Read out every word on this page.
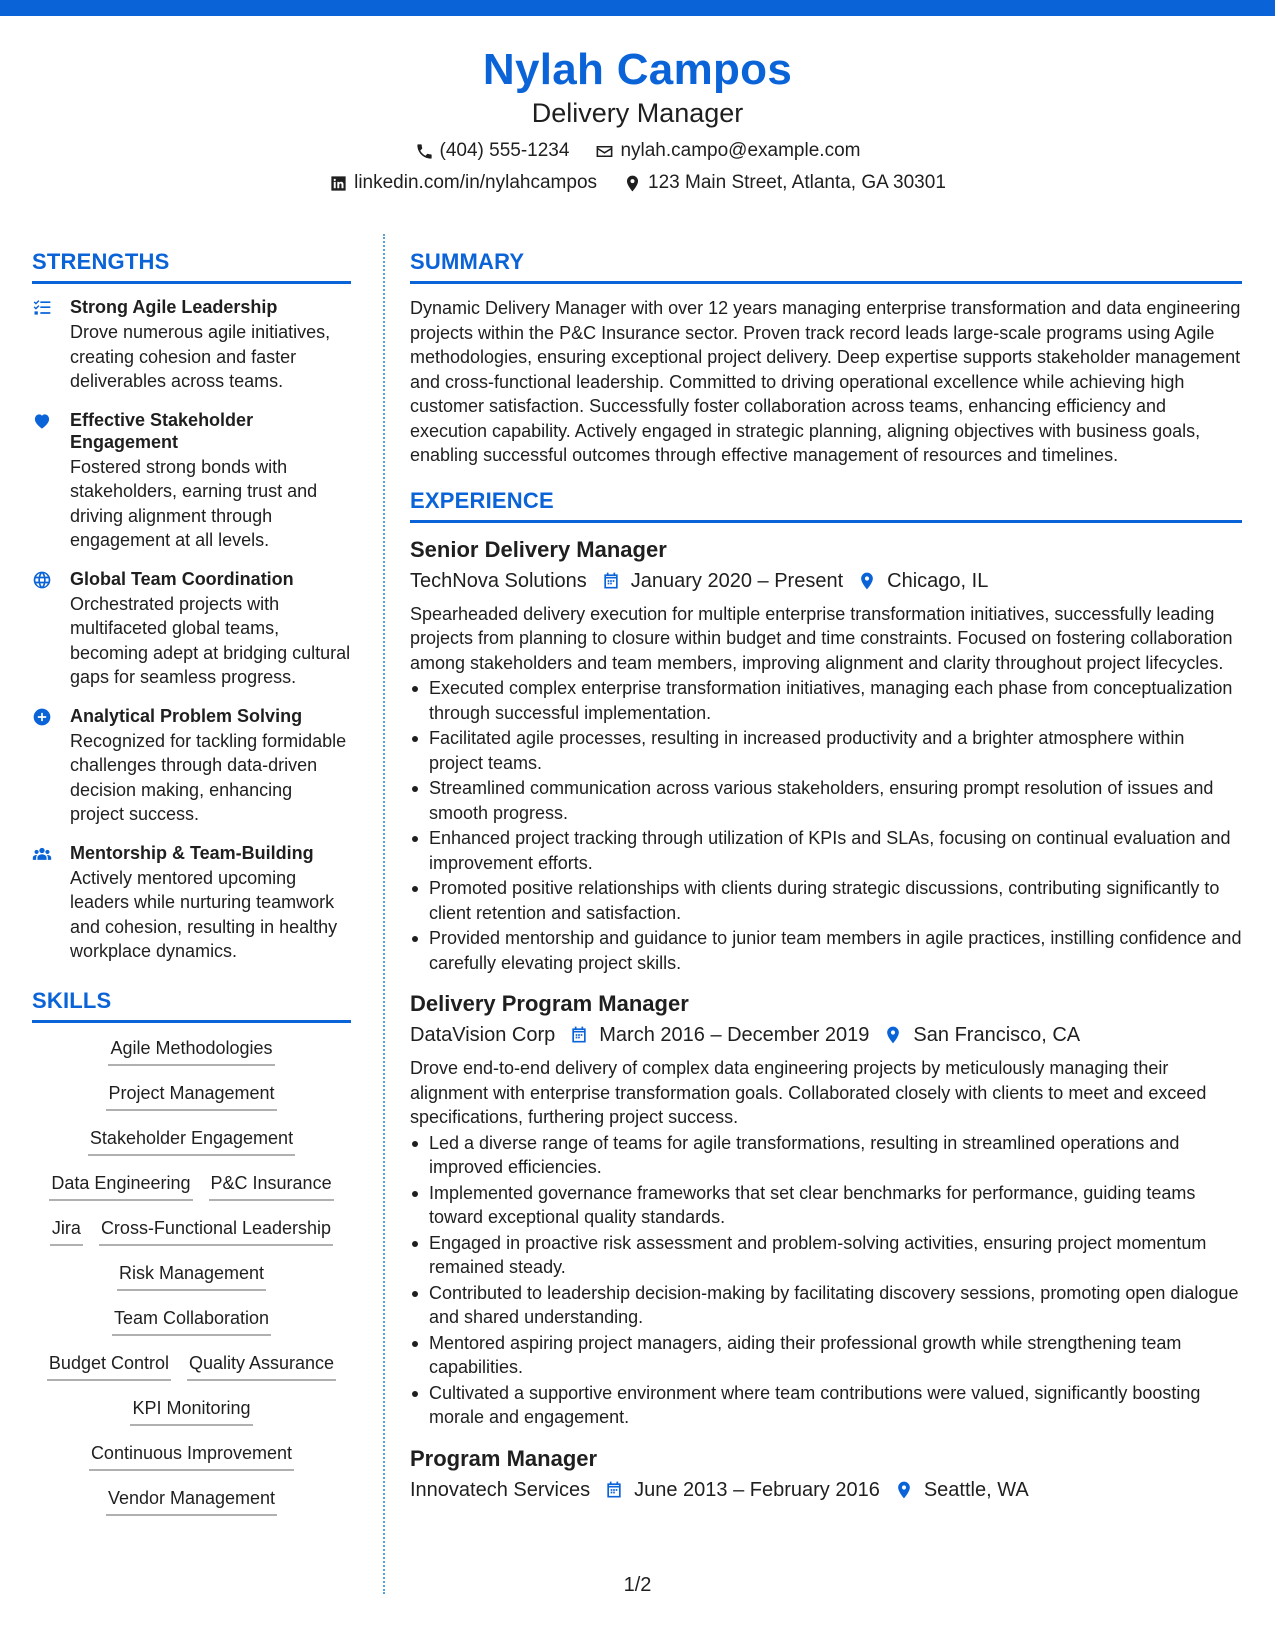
Nylah Campos
Delivery Manager
(404) 555-1234	nylah.campo@example.com
linkedin.com/in/nylahcampos	123 Main Street, Atlanta, GA 30301
STRENGTHS
Strong Agile Leadership
Drove numerous agile initiatives, creating cohesion and faster deliverables across teams.
Effective Stakeholder Engagement
Fostered strong bonds with stakeholders, earning trust and driving alignment through engagement at all levels.
Global Team Coordination
Orchestrated projects with multifaceted global teams, becoming adept at bridging cultural gaps for seamless progress.
Analytical Problem Solving
Recognized for tackling formidable challenges through data-driven decision making, enhancing project success.
Mentorship & Team-Building
Actively mentored upcoming leaders while nurturing teamwork and cohesion, resulting in healthy workplace dynamics.
SKILLS
Agile Methodologies
Project Management
Stakeholder Engagement
Data Engineering P&C Insurance
Jira Cross-Functional Leadership
Risk Management
Team Collaboration
Budget Control Quality Assurance
KPI Monitoring
Continuous Improvement
Vendor Management
SUMMARY
Dynamic Delivery Manager with over 12 years managing enterprise transformation and data engineering projects within the P&C Insurance sector. Proven track record leads large-scale programs using Agile methodologies, ensuring exceptional project delivery. Deep expertise supports stakeholder management and cross-functional leadership. Committed to driving operational excellence while achieving high customer satisfaction. Successfully foster collaboration across teams, enhancing efficiency and execution capability. Actively engaged in strategic planning, aligning objectives with business goals, enabling successful outcomes through effective management of resources and timelines.
EXPERIENCE
Senior Delivery Manager
TechNova Solutions January 2020 – Present Chicago, IL
Spearheaded delivery execution for multiple enterprise transformation initiatives, successfully leading projects from planning to closure within budget and time constraints. Focused on fostering collaboration among stakeholders and team members, improving alignment and clarity throughout project lifecycles.
Executed complex enterprise transformation initiatives, managing each phase from conceptualization through successful implementation.
Facilitated agile processes, resulting in increased productivity and a brighter atmosphere within project teams.
Streamlined communication across various stakeholders, ensuring prompt resolution of issues and smooth progress.
Enhanced project tracking through utilization of KPIs and SLAs, focusing on continual evaluation and improvement efforts.
Promoted positive relationships with clients during strategic discussions, contributing significantly to client retention and satisfaction.
Provided mentorship and guidance to junior team members in agile practices, instilling confidence and carefully elevating project skills.
Delivery Program Manager
DataVision Corp March 2016 – December 2019 San Francisco, CA
Drove end-to-end delivery of complex data engineering projects by meticulously managing their alignment with enterprise transformation goals. Collaborated closely with clients to meet and exceed specifications, furthering project success.
Led a diverse range of teams for agile transformations, resulting in streamlined operations and improved efficiencies.
Implemented governance frameworks that set clear benchmarks for performance, guiding teams toward exceptional quality standards.
Engaged in proactive risk assessment and problem-solving activities, ensuring project momentum remained steady.
Contributed to leadership decision-making by facilitating discovery sessions, promoting open dialogue and shared understanding.
Mentored aspiring project managers, aiding their professional growth while strengthening team capabilities.
Cultivated a supportive environment where team contributions were valued, significantly boosting morale and engagement.
Program Manager
Innovatech Services June 2013 – February 2016 Seattle, WA
1/2
